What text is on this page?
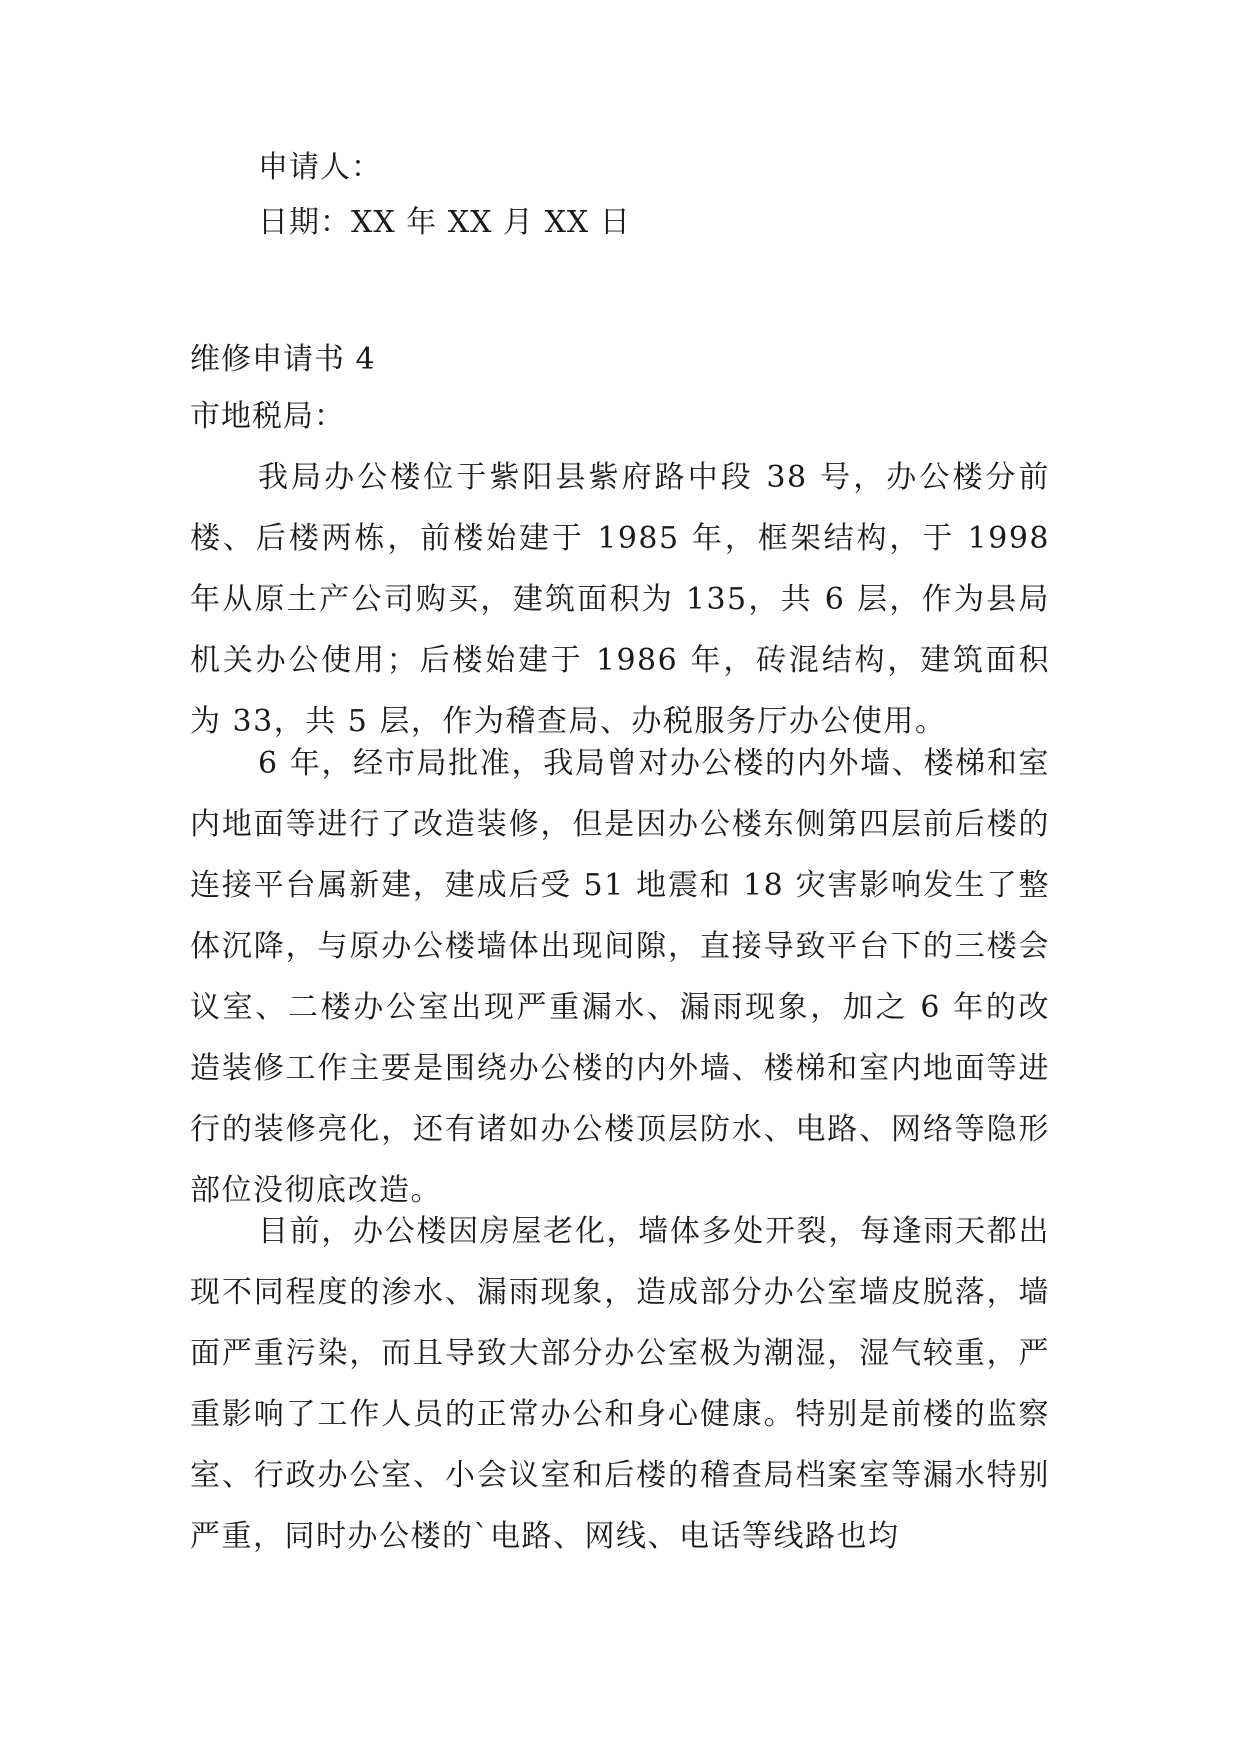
申请人：
日期：XX 年 XX 月 XX 日
维修申请书 4
市地税局：

我局办公楼位于紫阳县紫府路中段 38 号，办公楼分前楼、后楼两栋，前楼始建于 1985 年，框架结构，于 1998 年从原土产公司购买，建筑面积为 135，共 6 层，作为县局机关办公使用；后楼始建于 1986 年，砖混结构，建筑面积为 33，共 5 层，作为稽查局、办税服务厅办公使用。

6 年，经市局批准，我局曾对办公楼的内外墙、楼梯和室内地面等进行了改造装修，但是因办公楼东侧第四层前后楼的连接平台属新建，建成后受 51 地震和 18 灾害影响发生了整体沉降，与原办公楼墙体出现间隙，直接导致平台下的三楼会议室、二楼办公室出现严重漏水、漏雨现象，加之 6 年的改造装修工作主要是围绕办公楼的内外墙、楼梯和室内地面等进行的装修亮化，还有诸如办公楼顶层防水、电路、网络等隐形部位没彻底改造。

目前，办公楼因房屋老化，墙体多处开裂，每逢雨天都出现不同程度的渗水、漏雨现象，造成部分办公室墙皮脱落，墙面严重污染，而且导致大部分办公室极为潮湿，湿气较重，严重影响了工作人员的正常办公和身心健康。特别是前楼的监察室、行政办公室、小会议室和后楼的稽查局档案室等漏水特别严重，同时办公楼的`电路、网线、电话等线路也均
